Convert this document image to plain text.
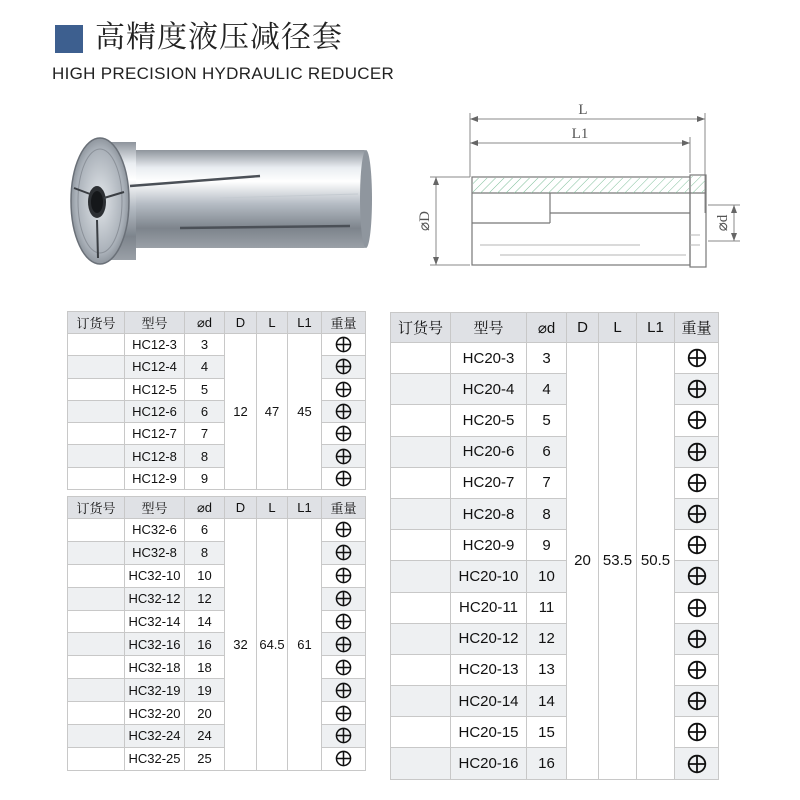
高精度液压减径套
HIGH PRECISION HYDRAULIC REDUCER
L
L1
⌀D	⌀d
订货号	型号	⌀d	D	L	L1	重量
	HC12-3	3	12	47	45	
	HC12-4	4	
	HC12-5	5	
	HC12-6	6	
	HC12-7	7	
	HC12-8	8	
	HC12-9	9	
订货号	型号	⌀d	D	L	L1	重量
	HC32-6	6	32	64.5	61	
	HC32-8	8	
	HC32-10	10	
	HC32-12	12	
	HC32-14	14	
	HC32-16	16	
	HC32-18	18	
	HC32-19	19	
	HC32-20	20	
	HC32-24	24	
	HC32-25	25	
订货号	型号	⌀d	D	L	L1	重量
	HC20-3	3	20	53.5	50.5	
	HC20-4	4	
	HC20-5	5	
	HC20-6	6	
	HC20-7	7	
	HC20-8	8	
	HC20-9	9	
	HC20-10	10	
	HC20-11	11	
	HC20-12	12	
	HC20-13	13	
	HC20-14	14	
	HC20-15	15	
	HC20-16	16	
